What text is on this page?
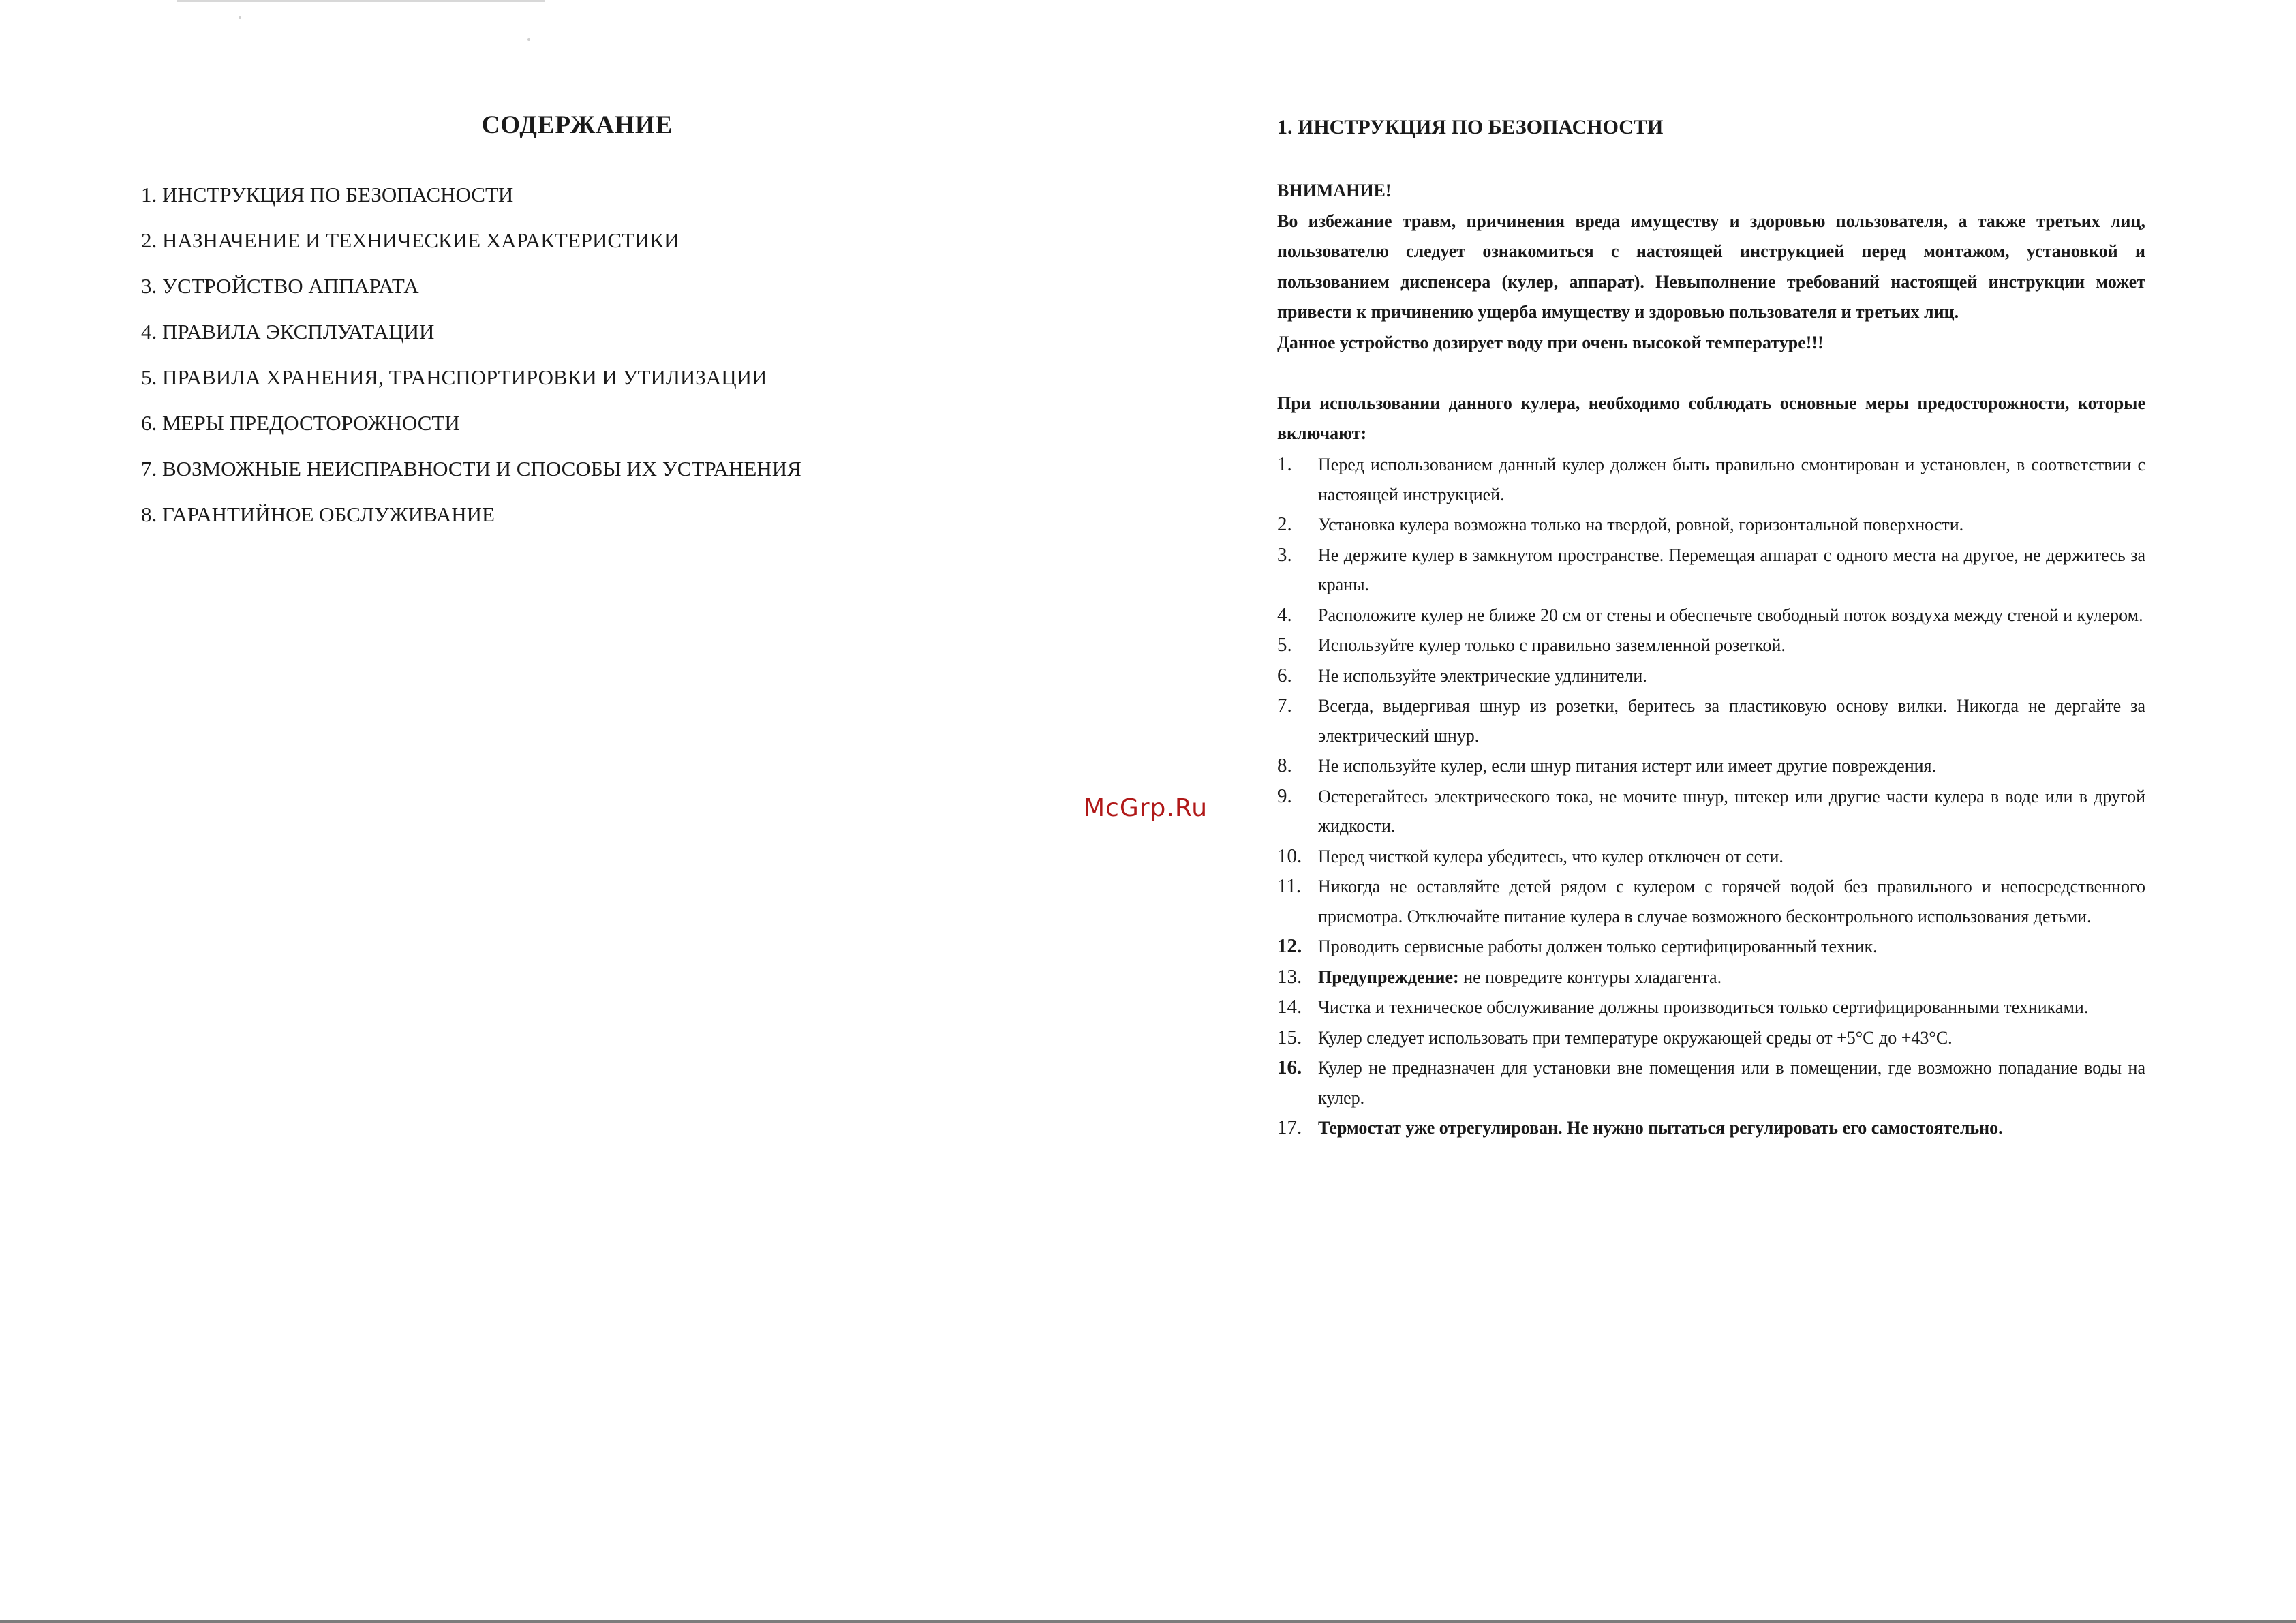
СОДЕРЖАНИЕ
1. ИНСТРУКЦИЯ ПО БЕЗОПАСНОСТИ
2. НАЗНАЧЕНИЕ И ТЕХНИЧЕСКИЕ ХАРАКТЕРИСТИКИ
3. УСТРОЙСТВО АППАРАТА
4. ПРАВИЛА ЭКСПЛУАТАЦИИ
5. ПРАВИЛА ХРАНЕНИЯ, ТРАНСПОРТИРОВКИ И УТИЛИЗАЦИИ
6. МЕРЫ ПРЕДОСТОРОЖНОСТИ
7. ВОЗМОЖНЫЕ НЕИСПРАВНОСТИ И СПОСОБЫ ИХ УСТРАНЕНИЯ
8. ГАРАНТИЙНОЕ ОБСЛУЖИВАНИЕ
McGrp.Ru
1. ИНСТРУКЦИЯ ПО БЕЗОПАСНОСТИ
ВНИМАНИЕ!
Во избежание травм, причинения вреда имуществу и здоровью пользователя, а также третьих лиц, пользователю следует ознакомиться с настоящей инструкцией перед монтажом, установкой и пользованием диспенсера (кулер, аппарат). Невыполнение требований настоящей инструкции может привести к причинению ущерба имуществу и здоровью пользователя и третьих лиц.
Данное устройство дозирует воду при очень высокой температуре!!!
При использовании данного кулера, необходимо соблюдать основные меры предосторожности, которые включают:
1. Перед использованием данный кулер должен быть правильно смонтирован и установлен, в соответствии с настоящей инструкцией.
2. Установка кулера возможна только на твердой, ровной, горизонтальной поверхности.
3. Не держите кулер в замкнутом пространстве. Перемещая аппарат с одного места на другое, не держитесь за краны.
4. Расположите кулер не ближе 20 см от стены и обеспечьте свободный поток воздуха между стеной и кулером.
5. Используйте кулер только с правильно заземленной розеткой.
6. Не используйте электрические удлинители.
7. Всегда, выдергивая шнур из розетки, беритесь за пластиковую основу вилки. Никогда не дергайте за электрический шнур.
8. Не используйте кулер, если шнур питания истерт или имеет другие повреждения.
9. Остерегайтесь электрического тока, не мочите шнур, штекер или другие части кулера в воде или в другой жидкости.
10. Перед чисткой кулера убедитесь, что кулер отключен от сети.
11. Никогда не оставляйте детей рядом с кулером с горячей водой без правильного и непосредственного присмотра. Отключайте питание кулера в случае возможного бесконтрольного использования детьми.
12. Проводить сервисные работы должен только сертифицированный техник.
13. Предупреждение: не повредите контуры хладагента.
14. Чистка и техническое обслуживание должны производиться только сертифицированными техниками.
15. Кулер следует использовать при температуре окружающей среды от +5°C до +43°C.
16. Кулер не предназначен для установки вне помещения или в помещении, где возможно попадание воды на кулер.
17. Термостат уже отрегулирован. Не нужно пытаться регулировать его самостоятельно.
